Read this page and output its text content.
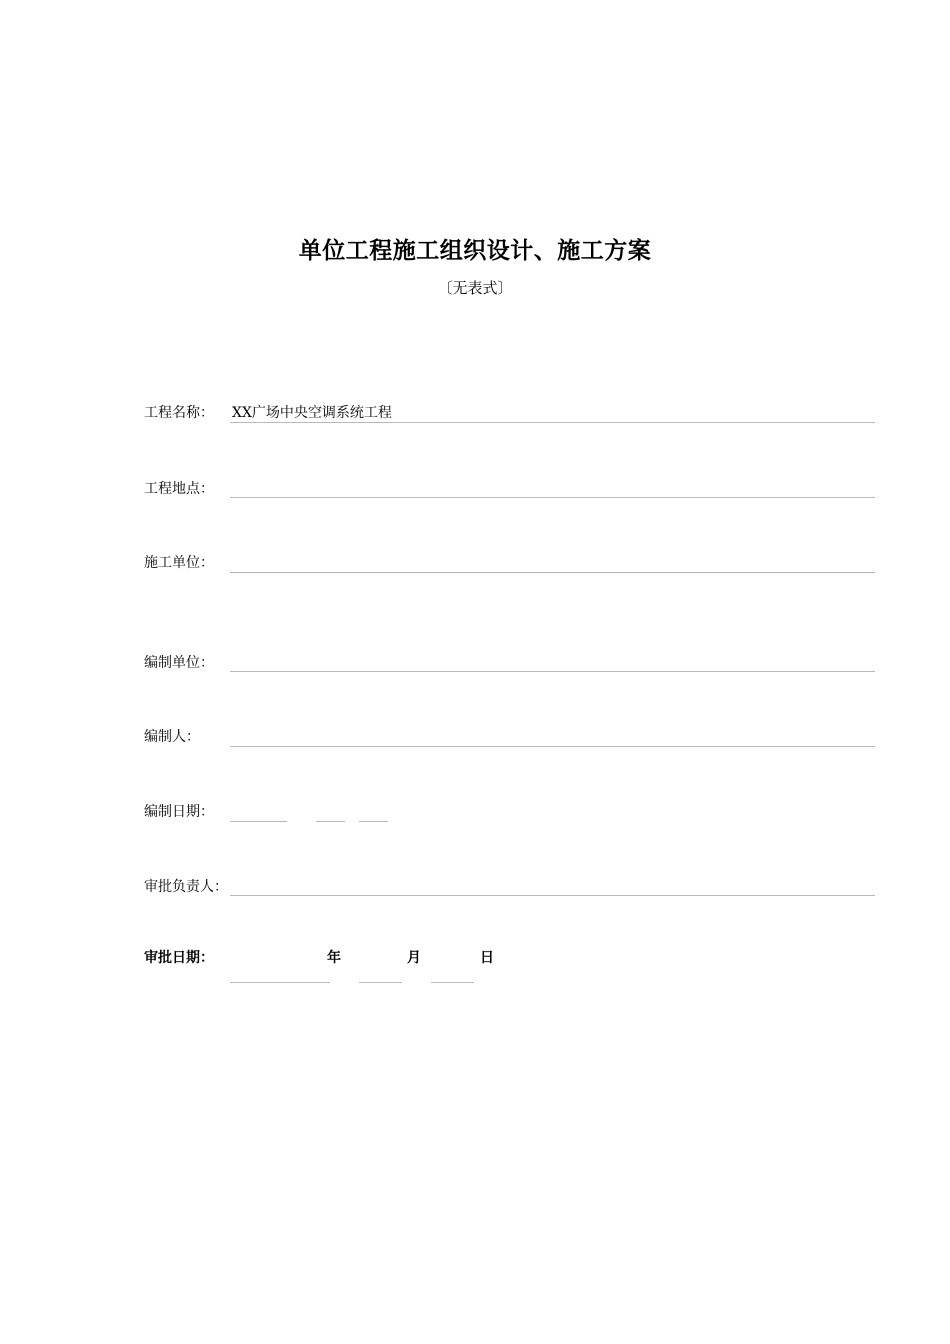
单位工程施工组织设计、施工方案
〔无表式〕
工程名称： XX广场中央空调系统工程
工程地点：
施工单位：
编制单位：
编制人：
编制日期：
审批负责人：
审批日期：	年	月	日
